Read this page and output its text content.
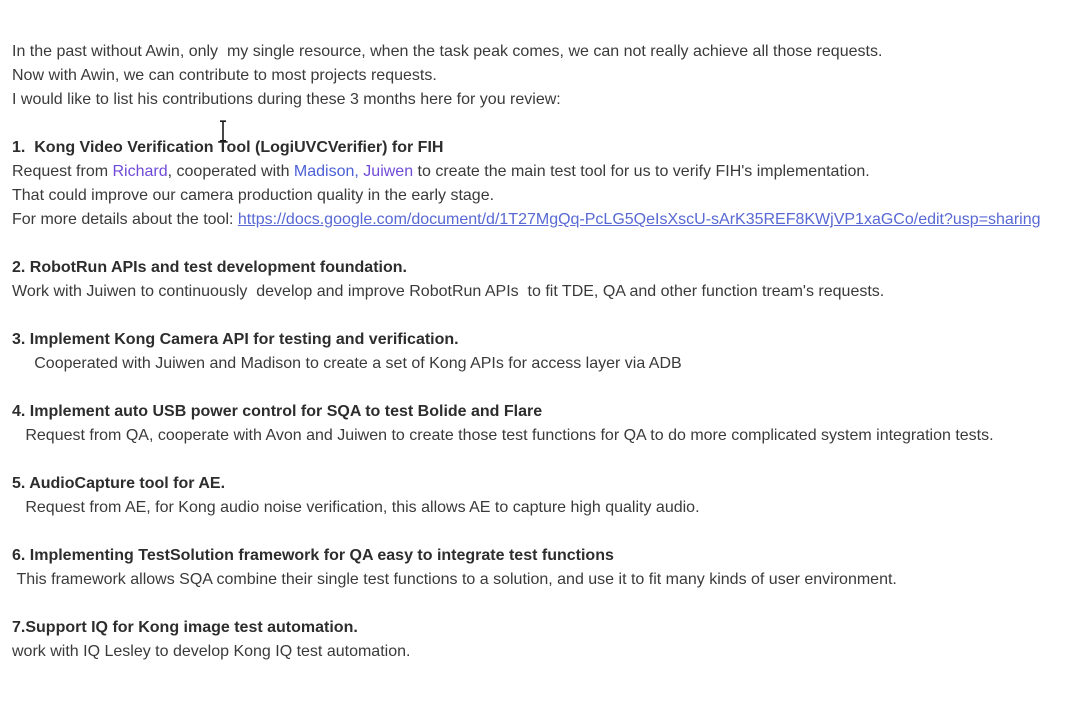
In the past without Awin, only  my single resource, when the task peak comes, we can not really achieve all those requests.
Now with Awin, we can contribute to most projects requests.
I would like to list his contributions during these 3 months here for you review:
1.  Kong Video Verification Tool (LogiUVCVerifier) for FIH
Request from Richard, cooperated with Madison, Juiwen to create the main test tool for us to verify FIH's implementation.
That could improve our camera production quality in the early stage.
For more details about the tool: https://docs.google.com/document/d/1T27MgQq-PcLG5QeIsXscU-sArK35REF8KWjVP1xaGCo/edit?usp=sharing
2. RobotRun APIs and test development foundation.
Work with Juiwen to continuously  develop and improve RobotRun APIs  to fit TDE, QA and other function tream's requests.
3. Implement Kong Camera API for testing and verification.
Cooperated with Juiwen and Madison to create a set of Kong APIs for access layer via ADB
4. Implement auto USB power control for SQA to test Bolide and Flare
Request from QA, cooperate with Avon and Juiwen to create those test functions for QA to do more complicated system integration tests.
5. AudioCapture tool for AE.
Request from AE, for Kong audio noise verification, this allows AE to capture high quality audio.
6. Implementing TestSolution framework for QA easy to integrate test functions
This framework allows SQA combine their single test functions to a solution, and use it to fit many kinds of user environment.
7.Support IQ for Kong image test automation.
work with IQ Lesley to develop Kong IQ test automation.
